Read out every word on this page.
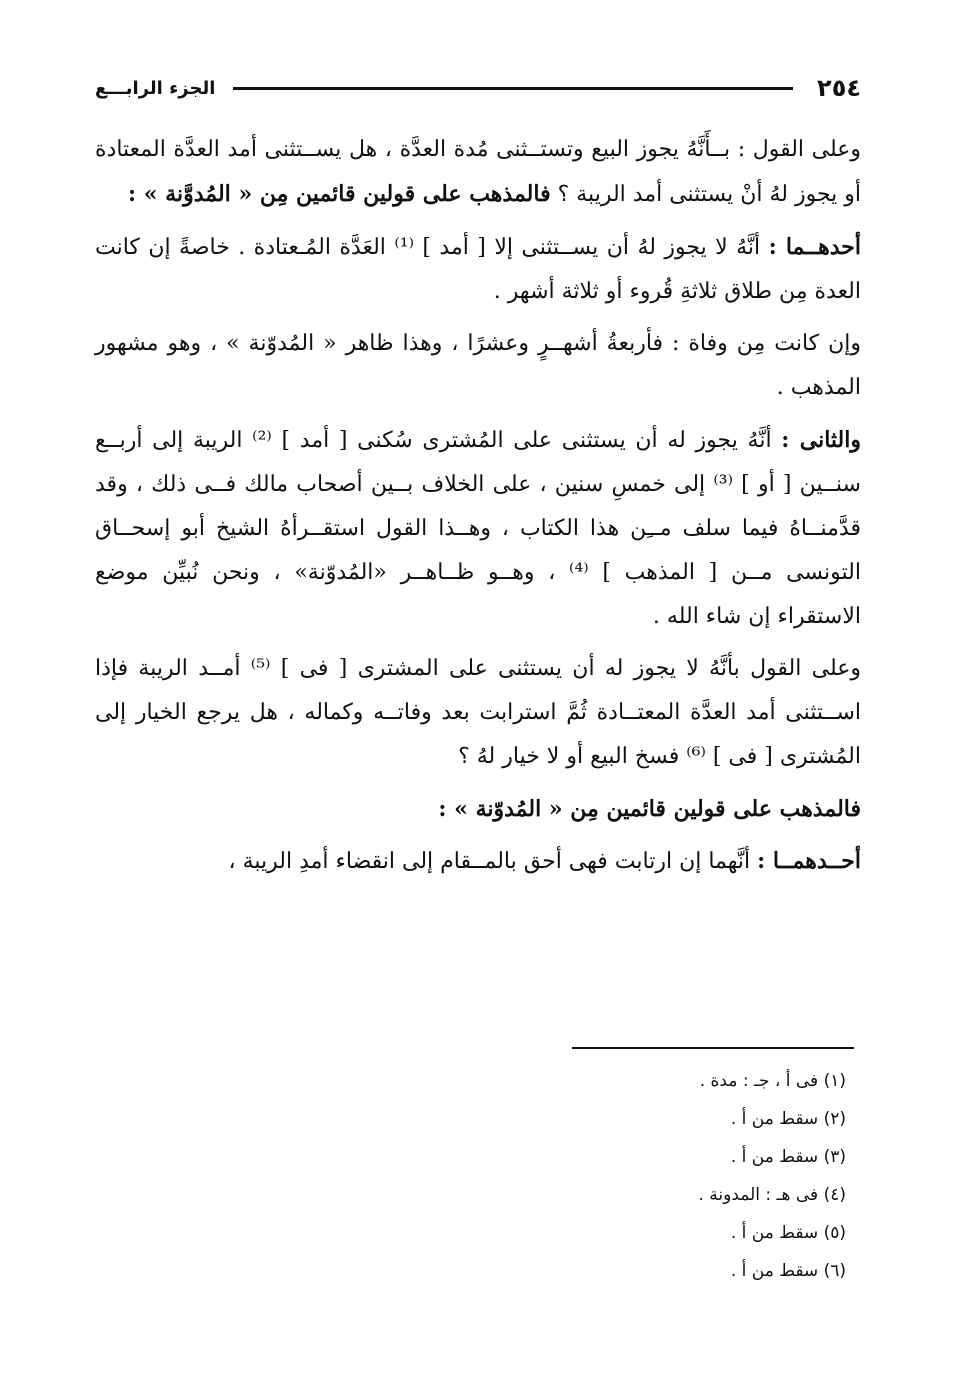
٢٥٤
الجزء الرابـــع

وعلى القول : بــأَنَّهُ يجوز البيع وتستــثنى مُدة العدَّة ، هل يســتثنى أمد العدَّة المعتادة أو يجوز لهُ أنْ يستثنى أمد الريبة ؟ فالمذهب على قولين قائمين مِن « المُدوَّنة » :

أحدهــما : أنَّهُ لا يجوز لهُ أن يســتثنى إلا [ أمد ] ⁽¹⁾ العَدَّة المُـعتادة . خاصةً إن كانت العدة مِن طلاق ثلاثةِ قُروء أو ثلاثة أشهر .

وإن كانت مِن وفاة : فأربعةُ أشهــرٍ وعشرًا ، وهذا ظاهر « المُدوّنة » ، وهو مشهور المذهب .

والثانى : أنَّهُ يجوز له أن يستثنى على المُشترى سُكنى [ أمد ] ⁽²⁾ الريبة إلى أربــع سنــين [ أو ] ⁽³⁾ إلى خمسِ سنين ، على الخلاف بــين أصحاب مالك فــى ذلك ، وقد قدَّمنــاهُ فيما سلف مــِن هذا الكتاب ، وهــذا القول استقــرأهُ الشيخ أبو إسحــاق التونسى مــن [ المذهب ] ⁽⁴⁾ ، وهــو ظــاهــر «المُدوّنة» ، ونحن نُبيِّن موضع الاستقراء إن شاء الله .

وعلى القول بأنَّهُ لا يجوز له أن يستثنى على المشترى [ فى ] ⁽⁵⁾ أمــد الريبة فإذا اســتثنى أمد العدَّة المعتــادة ثُمَّ استرابت بعد وفاتــه وكماله ، هل يرجع الخيار إلى المُشترى [ فى ] ⁽⁶⁾ فسخ البيع أو لا خيار لهُ ؟

فالمذهب على قولين قائمين مِن « المُدوّنة » :

أحــدهمــا : أنَّهما إن ارتابت فهى أحق بالمــقام إلى انقضاء أمدِ الريبة ،

(١) فى أ ، جـ : مدة .
(٢) سقط من أ .
(٣) سقط من أ .
(٤) فى هـ : المدونة .
(٥) سقط من أ .
(٦) سقط من أ .
